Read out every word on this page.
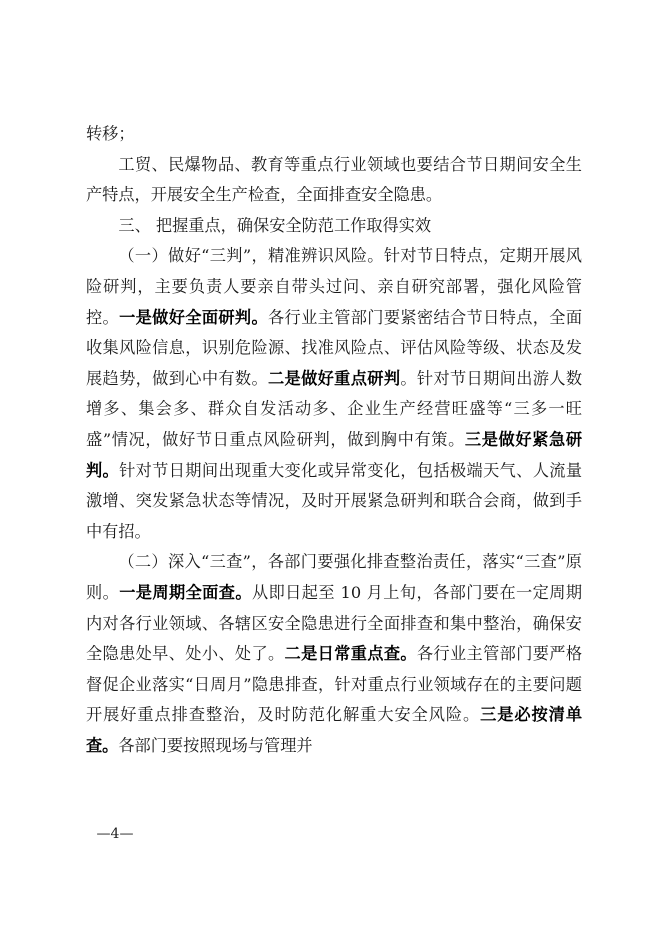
转移；

工贸、民爆物品、教育等重点行业领域也要结合节日期间安全生产特点，开展安全生产检查，全面排查安全隐患。

三、 把握重点，确保安全防范工作取得实效

（一）做好“三判”，精准辨识风险。针对节日特点，定期开展风险研判，主要负责人要亲自带头过问、亲自研究部署，强化风险管控。一是做好全面研判。各行业主管部门要紧密结合节日特点，全面收集风险信息，识别危险源、找准风险点、评估风险等级、状态及发展趋势，做到心中有数。二是做好重点研判。针对节日期间出游人数增多、集会多、群众自发活动多、企业生产经营旺盛等“三多一旺盛”情况，做好节日重点风险研判，做到胸中有策。三是做好紧急研判。针对节日期间出现重大变化或异常变化，包括极端天气、人流量激增、突发紧急状态等情况，及时开展紧急研判和联合会商，做到手中有招。

（二）深入“三查”，各部门要强化排查整治责任，落实“三查”原则。一是周期全面查。从即日起至 10 月上旬，各部门要在一定周期内对各行业领域、各辖区安全隐患进行全面排查和集中整治，确保安全隐患处早、处小、处了。二是日常重点查。各行业主管部门要严格督促企业落实“日周月”隐患排查，针对重点行业领域存在的主要问题开展好重点排查整治，及时防范化解重大安全风险。三是必按清单查。各部门要按照现场与管理并

—4—
